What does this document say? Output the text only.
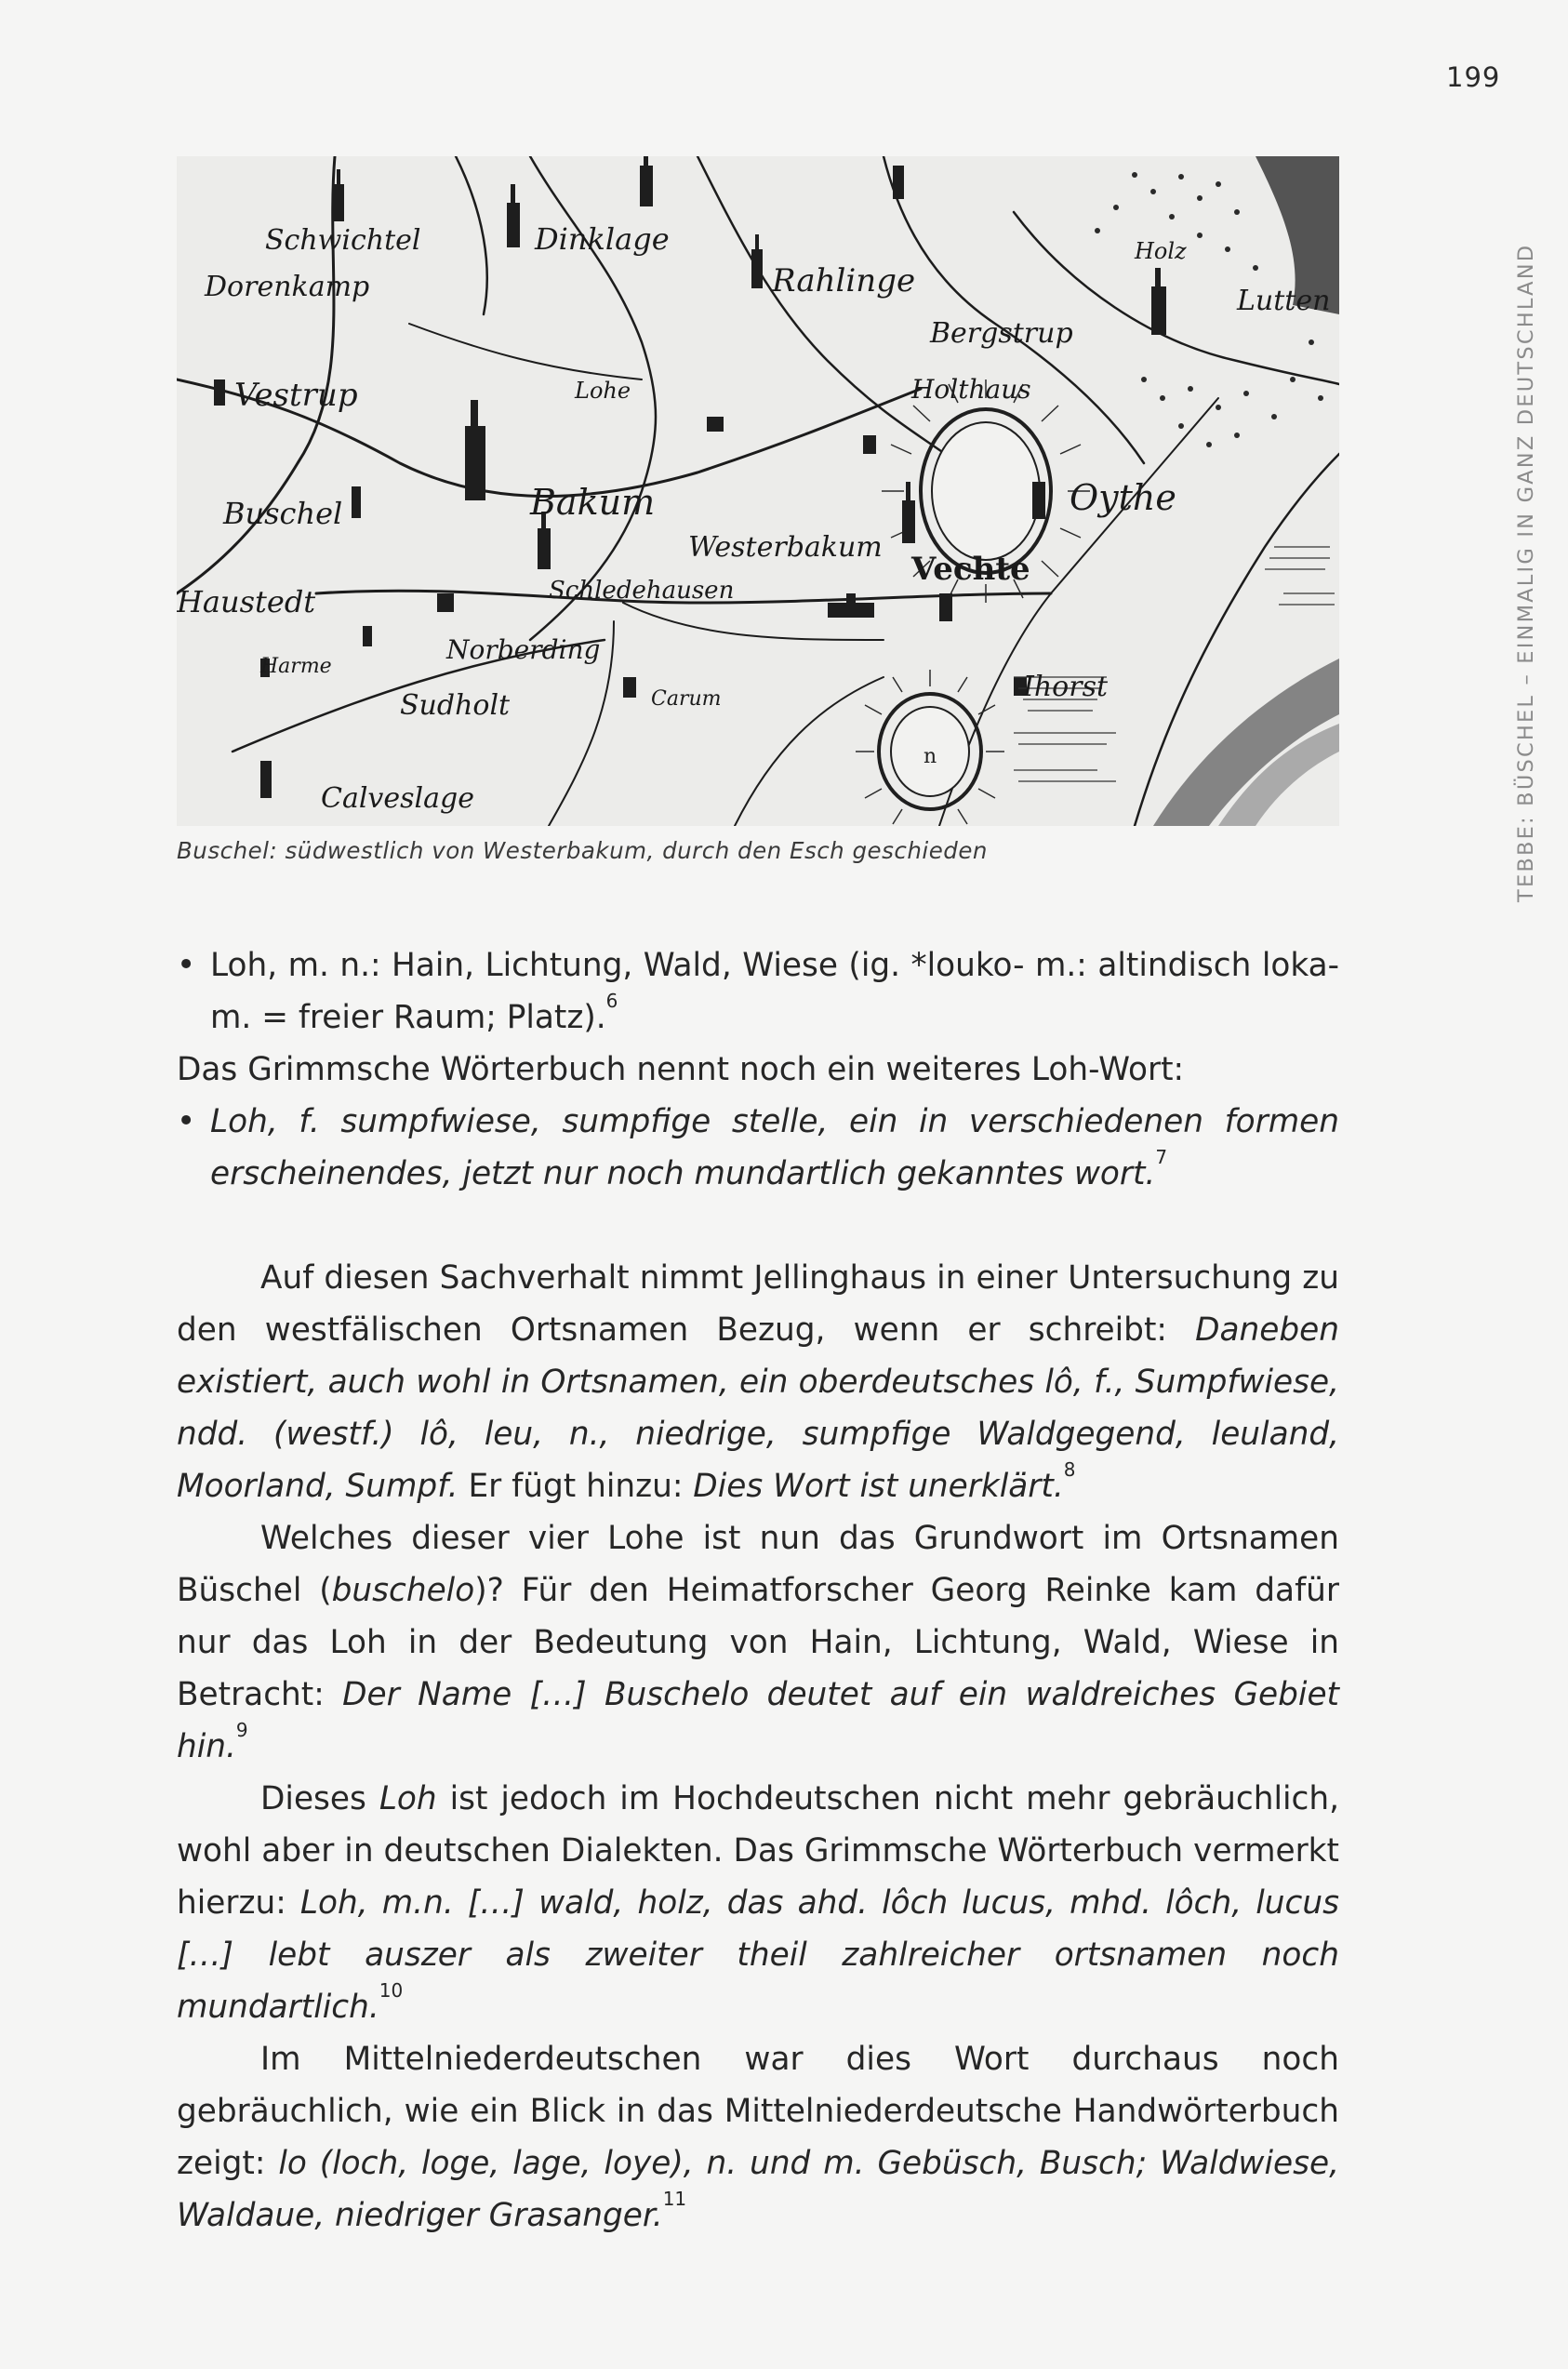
199
TEBBE: BÜSCHEL – EINMALIG IN GANZ DEUTSCHLAND
n
Schwichtel
Dorenkamp
Vestrup
Buschel
Haustedt
Harme
Dinklage
Lohe
Rahlinge
Bergstrup
Holthaus
Oythe
Bakum
Westerbakum
Schledehausen
Carum
Sudholt
Norberding
Vechte
Lutten
Holz
Calveslage
Ihorst
Buschel: südwestlich von Westerbakum, durch den Esch geschieden

• Loh, m. n.: Hain, Lichtung, Wald, Wiese (ig. *louko- m.: altindisch loka- m. = freier Raum; Platz).$^6$

Das Grimmsche Wörterbuch nennt noch ein weiteres Loh-Wort:

• Loh, f. sumpfwiese, sumpfige stelle, ein in verschiedenen formen erscheinendes, jetzt nur noch mundartlich gekanntes wort.$^7$

Auf diesen Sachverhalt nimmt Jellinghaus in einer Untersuchung zu den westfälischen Ortsnamen Bezug, wenn er schreibt: Daneben existiert, auch wohl in Ortsnamen, ein oberdeutsches lô, f., Sumpfwiese, ndd. (westf.) lô, leu, n., niedrige, sumpfige Waldgegend, leuland, Moorland, Sumpf. Er fügt hinzu: Dies Wort ist unerklärt.$^8$

Welches dieser vier Lohe ist nun das Grundwort im Ortsnamen Büschel (buschelo)? Für den Heimatforscher Georg Reinke kam dafür nur das Loh in der Bedeutung von Hain, Lichtung, Wald, Wiese in Betracht: Der Name […] Buschelo deutet auf ein waldreiches Gebiet hin.$^9$

Dieses Loh ist jedoch im Hochdeutschen nicht mehr gebräuchlich, wohl aber in deutschen Dialekten. Das Grimmsche Wörterbuch vermerkt hierzu: Loh, m.n. […] wald, holz, das ahd. lôch lucus, mhd. lôch, lucus […] lebt auszer als zweiter theil zahlreicher ortsnamen noch mundartlich.$^{10}$

Im Mittelniederdeutschen war dies Wort durchaus noch gebräuchlich, wie ein Blick in das Mittelniederdeutsche Handwörterbuch zeigt: lo (loch, loge, lage, loye), n. und m. Gebüsch, Busch; Waldwiese, Waldaue, niedriger Grasanger.$^{11}$
